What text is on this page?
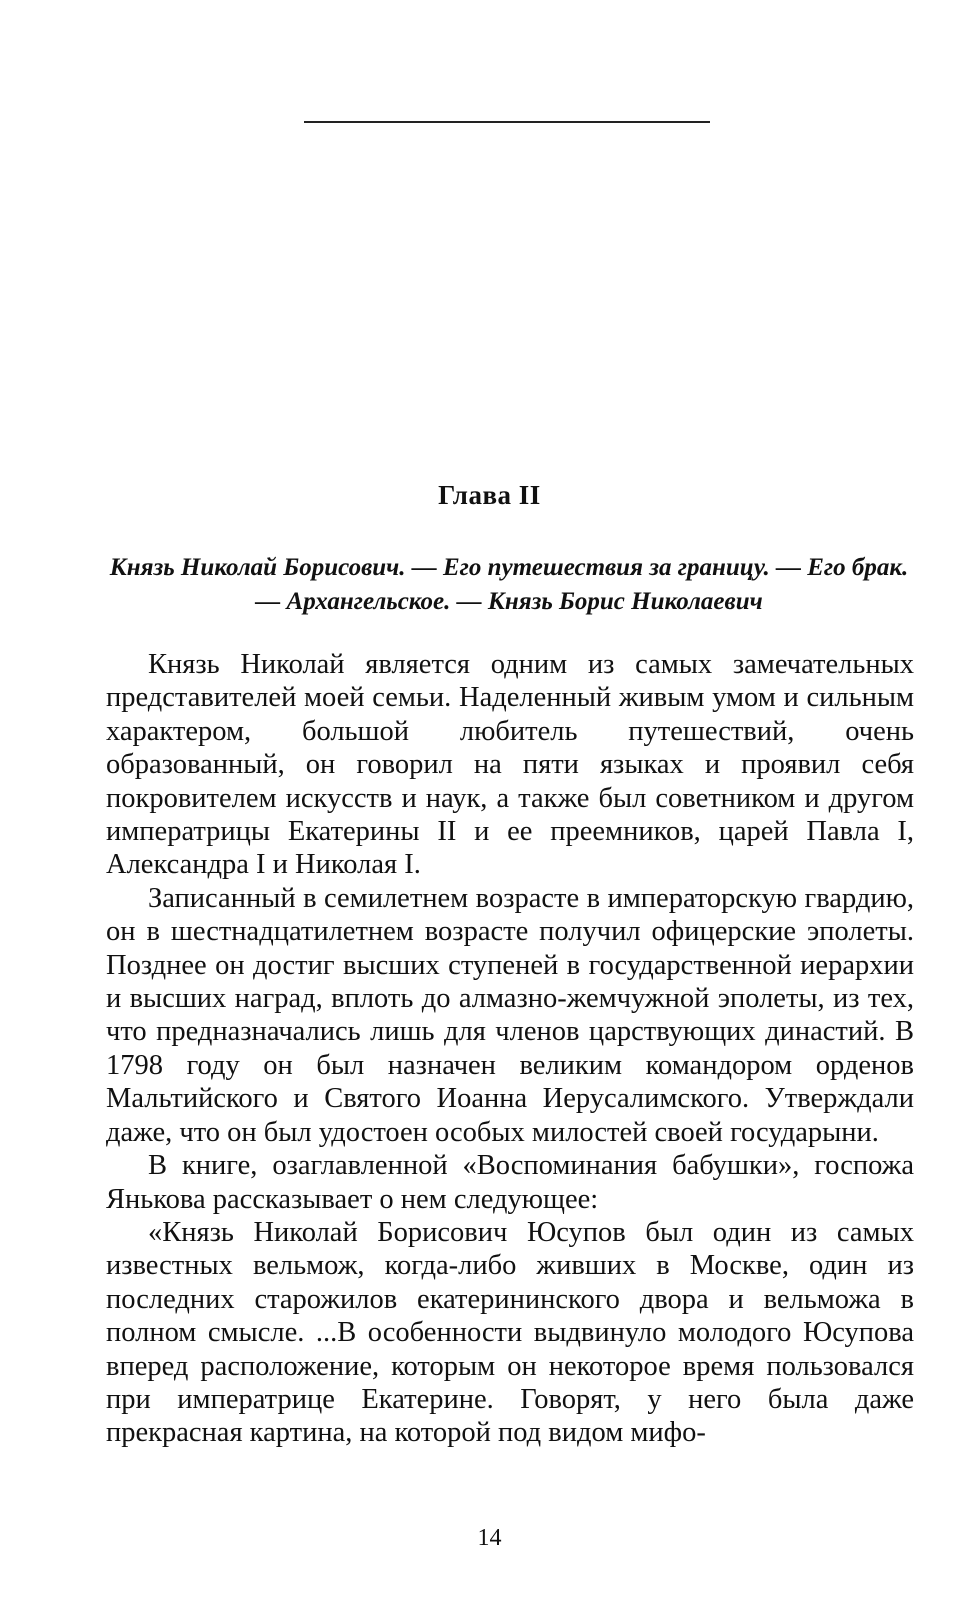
Глава II

Князь Николай Борисович. — Его путешествия за границу. — Его брак. — Архангельское. — Князь Борис Николаевич

Князь Николай является одним из самых замечательных представителей моей семьи. Наделенный живым умом и сильным характером, большой любитель путешествий, очень образованный, он говорил на пяти языках и проявил себя покровителем искусств и наук, а также был советником и другом императрицы Екатерины II и ее преемников, царей Павла I, Александра I и Николая I.

Записанный в семилетнем возрасте в императорскую гвардию, он в шестнадцатилетнем возрасте получил офицерские эполеты. Позднее он достиг высших ступеней в государственной иерархии и высших наград, вплоть до алмазно-жемчужной эполеты, из тех, что предназначались лишь для членов царствующих династий. В 1798 году он был назначен великим командором орденов Мальтийского и Святого Иоанна Иерусалимского. Утверждали даже, что он был удостоен особых милостей своей государыни.

В книге, озаглавленной «Воспоминания бабушки», госпожа Янькова рассказывает о нем следующее:

«Князь Николай Борисович Юсупов был один из самых известных вельмож, когда-либо живших в Москве, один из последних старожилов екатерининского двора и вельможа в полном смысле. ...В особенности выдвинуло молодого Юсупова вперед расположение, которым он некоторое время пользовался при императрице Екатерине. Говорят, у него была даже прекрасная картина, на которой под видом мифо-

14
